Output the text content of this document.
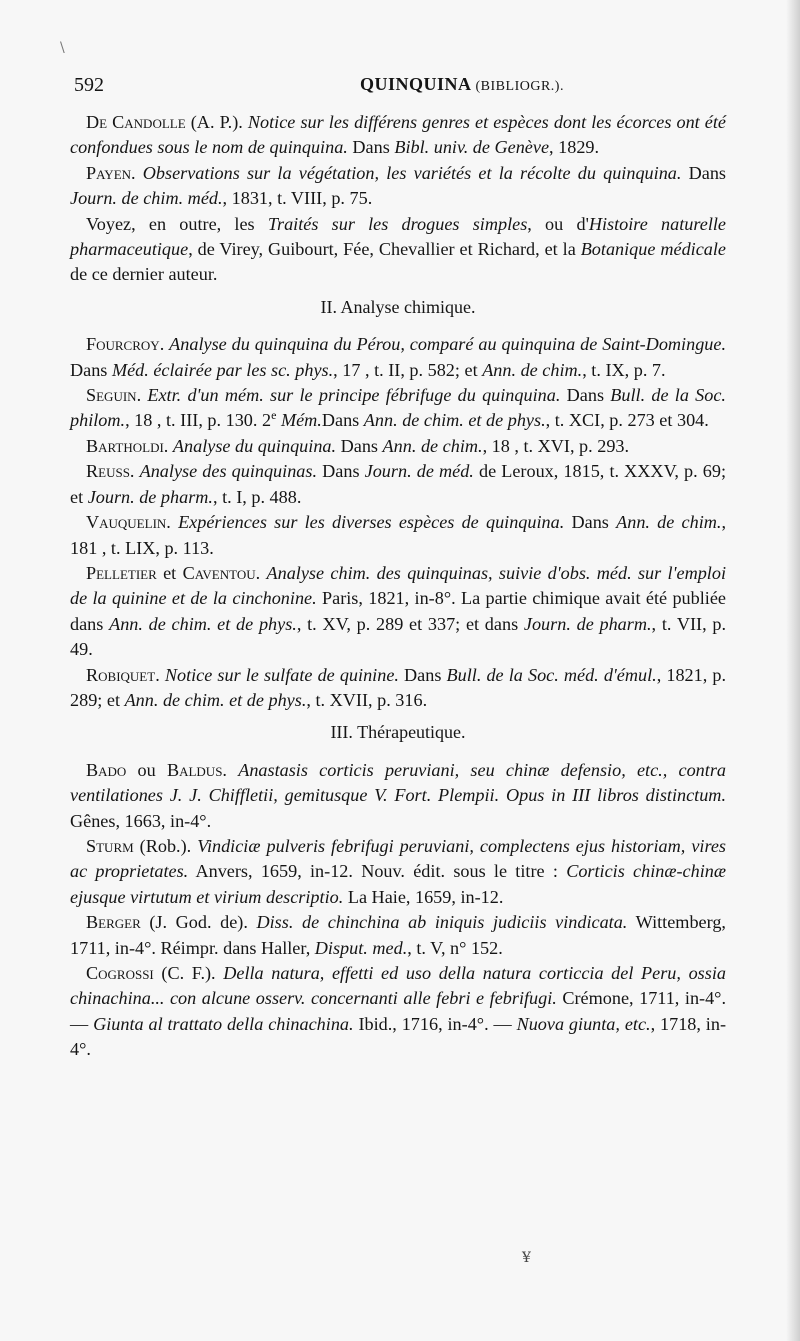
\
592	QUINQUINA (BIBLIOGR.).

De Candolle (A. P.). Notice sur les différens genres et espèces dont les écorces ont été confondues sous le nom de quinquina. Dans Bibl. univ. de Genève, 1829.

Payen. Observations sur la végétation, les variétés et la récolte du quinquina. Dans Journ. de chim. méd., 1831, t. VIII, p. 75.

Voyez, en outre, les Traités sur les drogues simples, ou d'Histoire naturelle pharmaceutique, de Virey, Guibourt, Fée, Chevallier et Richard, et la Botanique médicale de ce dernier auteur.

II. Analyse chimique.

Fourcroy. Analyse du quinquina du Pérou, comparé au quinquina de Saint-Domingue. Dans Méd. éclairée par les sc. phys., 17 , t. II, p. 582; et Ann. de chim., t. IX, p. 7.

Seguin. Extr. d'un mém. sur le principe fébrifuge du quinquina. Dans Bull. de la Soc. philom., 18 , t. III, p. 130. 2e Mém.Dans Ann. de chim. et de phys., t. XCI, p. 273 et 304.

Bartholdi. Analyse du quinquina. Dans Ann. de chim., 18 , t. XVI, p. 293.

Reuss. Analyse des quinquinas. Dans Journ. de méd. de Leroux, 1815, t. XXXV, p. 69; et Journ. de pharm., t. I, p. 488.

Vauquelin. Expériences sur les diverses espèces de quinquina. Dans Ann. de chim., 181 , t. LIX, p. 113.

Pelletier et Caventou. Analyse chim. des quinquinas, suivie d'obs. méd. sur l'emploi de la quinine et de la cinchonine. Paris, 1821, in-8°. La partie chimique avait été publiée dans Ann. de chim. et de phys., t. XV, p. 289 et 337; et dans Journ. de pharm., t. VII, p. 49.

Robiquet. Notice sur le sulfate de quinine. Dans Bull. de la Soc. méd. d'émul., 1821, p. 289; et Ann. de chim. et de phys., t. XVII, p. 316.

III. Thérapeutique.

Bado ou Baldus. Anastasis corticis peruviani, seu chinæ defensio, etc., contra ventilationes J. J. Chiffletii, gemitusque V. Fort. Plempii. Opus in III libros distinctum. Gênes, 1663, in-4°.

Sturm (Rob.). Vindiciæ pulveris febrifugi peruviani, complectens ejus historiam, vires ac proprietates. Anvers, 1659, in-12. Nouv. édit. sous le titre : Corticis chinæ-chinæ ejusque virtutum et virium descriptio. La Haie, 1659, in-12.

Berger (J. God. de). Diss. de chinchina ab iniquis judiciis vindicata. Wittemberg, 1711, in-4°. Réimpr. dans Haller, Disput. med., t. V, n° 152.

Cogrossi (C. F.). Della natura, effetti ed uso della natura corticcia del Peru, ossia chinachina... con alcune osserv. concernanti alle febri e febrifugi. Crémone, 1711, in-4°. — Giunta al trattato della chinachina. Ibid., 1716, in-4°. — Nuova giunta, etc., 1718, in-4°.

¥
